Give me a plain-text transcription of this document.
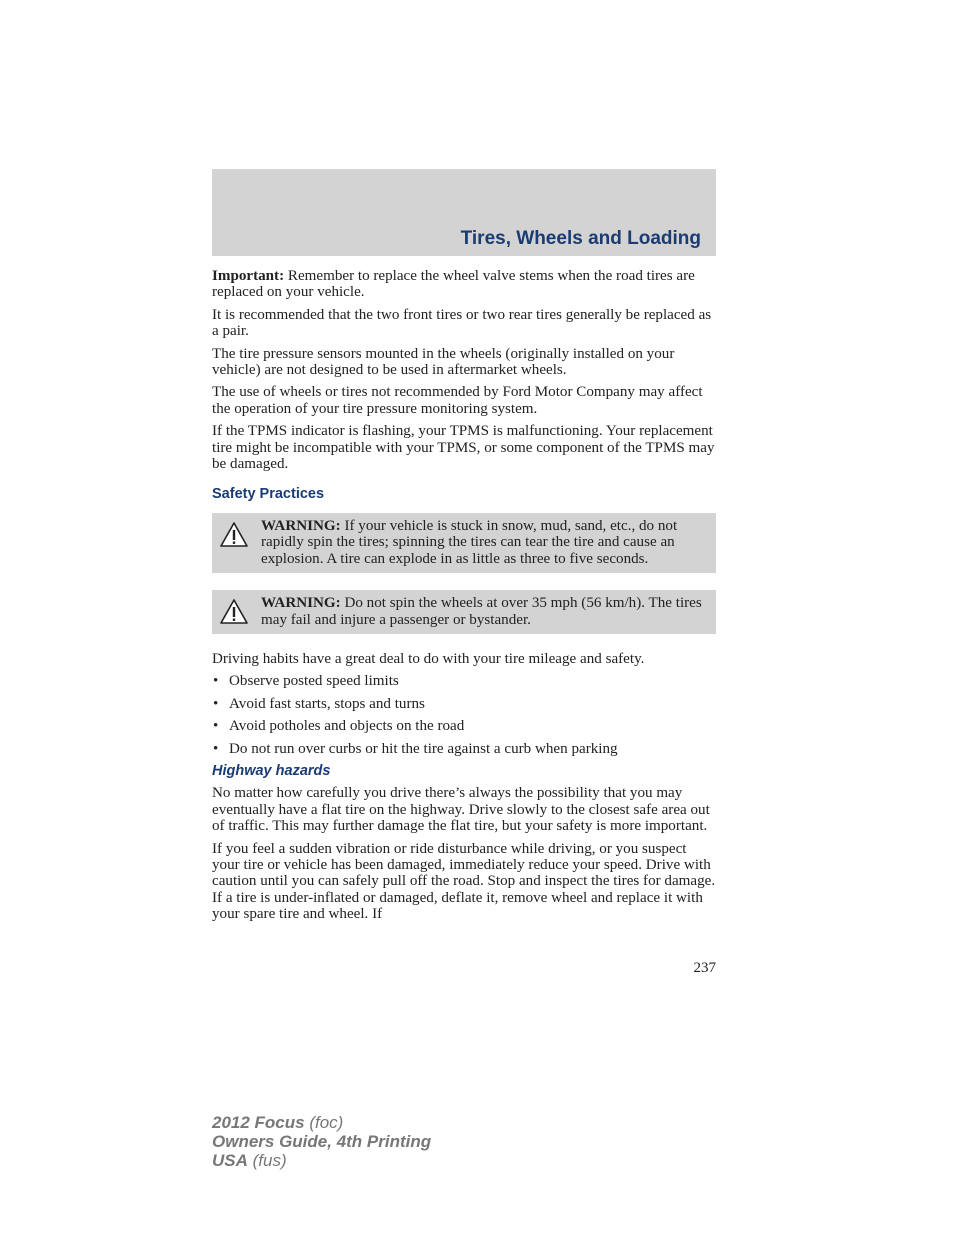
Tires, Wheels and Loading

Important: Remember to replace the wheel valve stems when the road tires are replaced on your vehicle.

It is recommended that the two front tires or two rear tires generally be replaced as a pair.

The tire pressure sensors mounted in the wheels (originally installed on your vehicle) are not designed to be used in aftermarket wheels.

The use of wheels or tires not recommended by Ford Motor Company may affect the operation of your tire pressure monitoring system.

If the TPMS indicator is flashing, your TPMS is malfunctioning. Your replacement tire might be incompatible with your TPMS, or some component of the TPMS may be damaged.

Safety Practices
WARNING: If your vehicle is stuck in snow, mud, sand, etc., do not rapidly spin the tires; spinning the tires can tear the tire and cause an explosion. A tire can explode in as little as three to five seconds.
WARNING: Do not spin the wheels at over 35 mph (56 km/h). The tires may fail and injure a passenger or bystander.

Driving habits have a great deal to do with your tire mileage and safety.

• Observe posted speed limits
• Avoid fast starts, stops and turns
• Avoid potholes and objects on the road
• Do not run over curbs or hit the tire against a curb when parking
Highway hazards

No matter how carefully you drive there’s always the possibility that you may eventually have a flat tire on the highway. Drive slowly to the closest safe area out of traffic. This may further damage the flat tire, but your safety is more important.

If you feel a sudden vibration or ride disturbance while driving, or you suspect your tire or vehicle has been damaged, immediately reduce your speed. Drive with caution until you can safely pull off the road. Stop and inspect the tires for damage. If a tire is under-inflated or damaged, deflate it, remove wheel and replace it with your spare tire and wheel. If

237
2012 Focus (foc)
Owners Guide, 4th Printing
USA (fus)
